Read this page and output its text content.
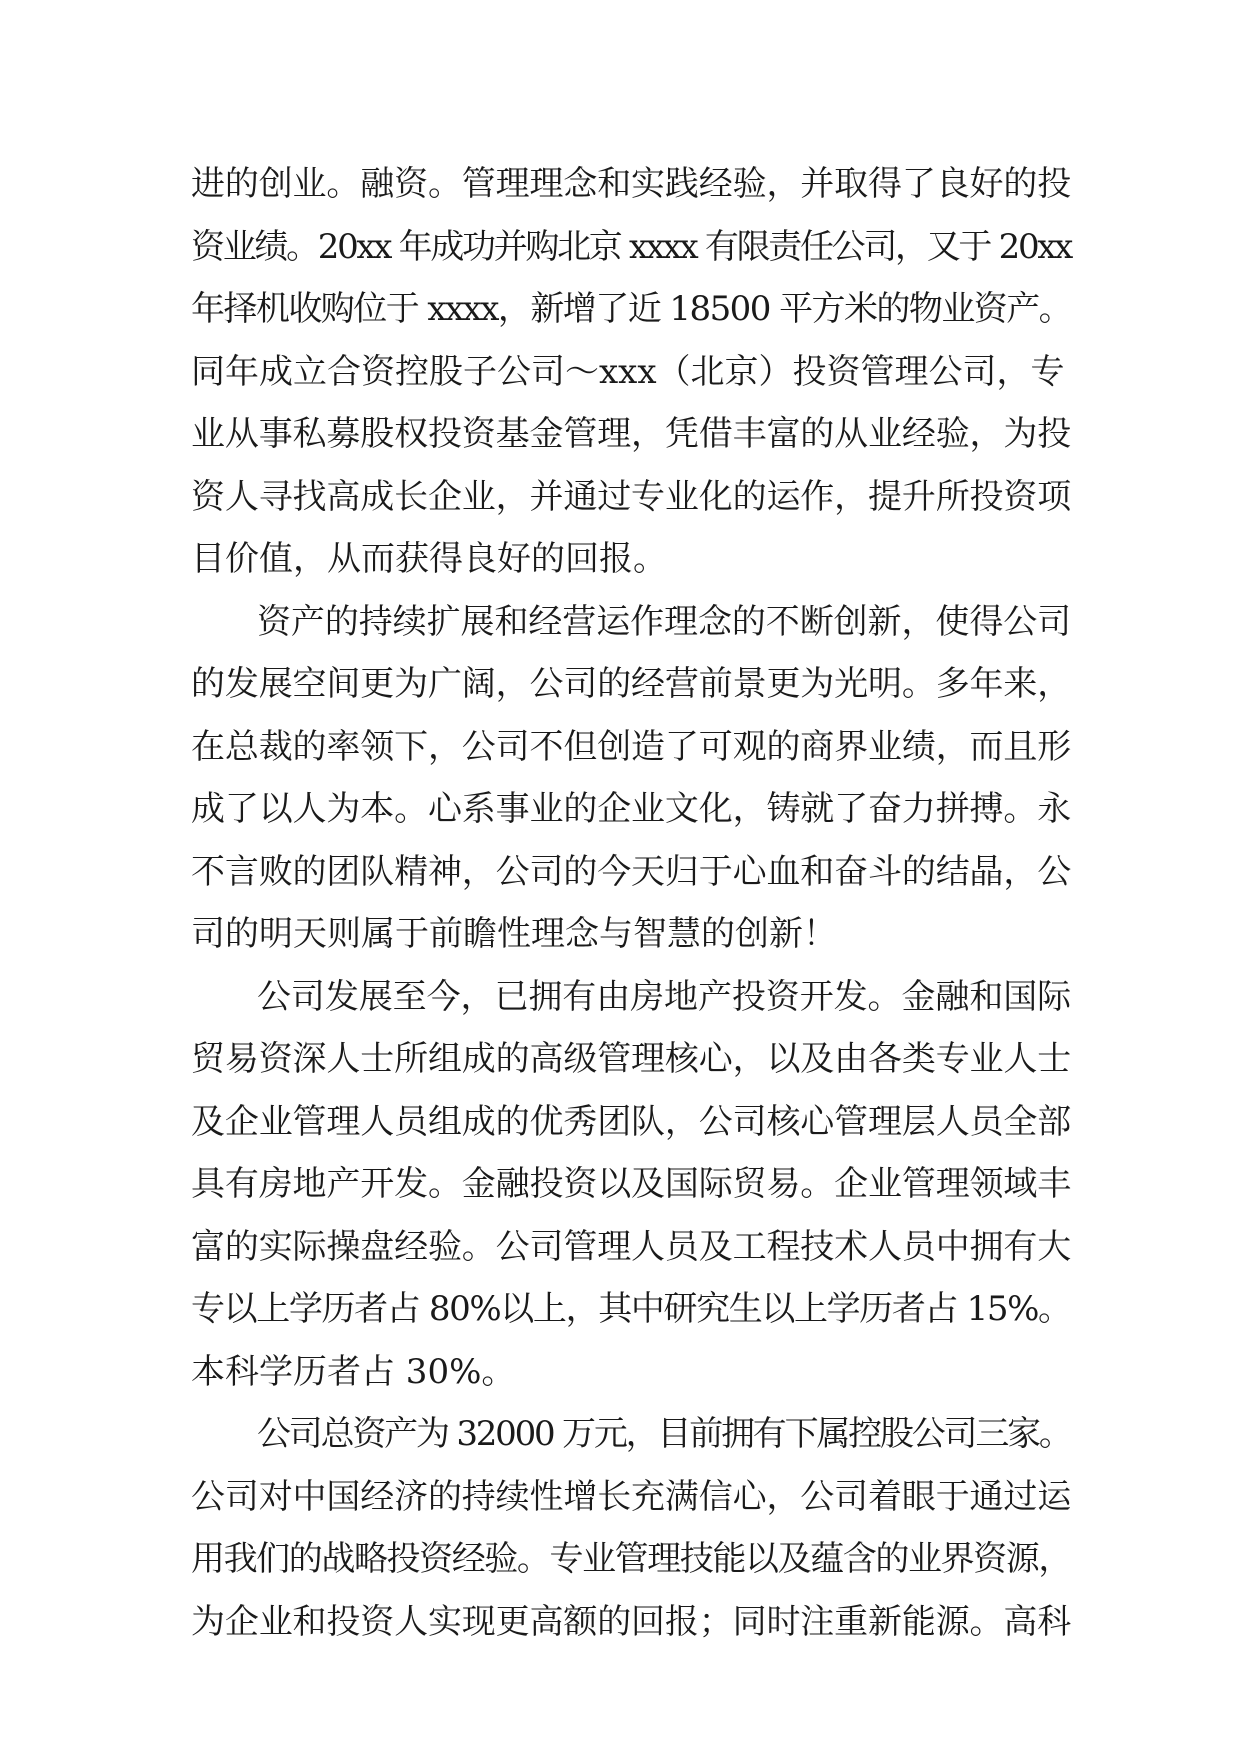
进的创业。融资。管理理念和实践经验，并取得了良好的投
资业绩。20xx 年成功并购北京 xxxx 有限责任公司，又于 20xx
年择机收购位于 xxxx，新增了近 18500 平方米的物业资产。
同年成立合资控股子公司～xxx（北京）投资管理公司，专
业从事私募股权投资基金管理，凭借丰富的从业经验，为投
资人寻找高成长企业，并通过专业化的运作，提升所投资项
目价值，从而获得良好的回报。
资产的持续扩展和经营运作理念的不断创新，使得公司
的发展空间更为广阔，公司的经营前景更为光明。多年来，
在总裁的率领下，公司不但创造了可观的商界业绩，而且形
成了以人为本。心系事业的企业文化，铸就了奋力拼搏。永
不言败的团队精神，公司的今天归于心血和奋斗的结晶，公
司的明天则属于前瞻性理念与智慧的创新！
公司发展至今，已拥有由房地产投资开发。金融和国际
贸易资深人士所组成的高级管理核心，以及由各类专业人士
及企业管理人员组成的优秀团队，公司核心管理层人员全部
具有房地产开发。金融投资以及国际贸易。企业管理领域丰
富的实际操盘经验。公司管理人员及工程技术人员中拥有大
专以上学历者占 80%以上，其中研究生以上学历者占 15%。
本科学历者占 30%。
公司总资产为 32000 万元，目前拥有下属控股公司三家。
公司对中国经济的持续性增长充满信心，公司着眼于通过运
用我们的战略投资经验。专业管理技能以及蕴含的业界资源，
为企业和投资人实现更高额的回报；同时注重新能源。高科
